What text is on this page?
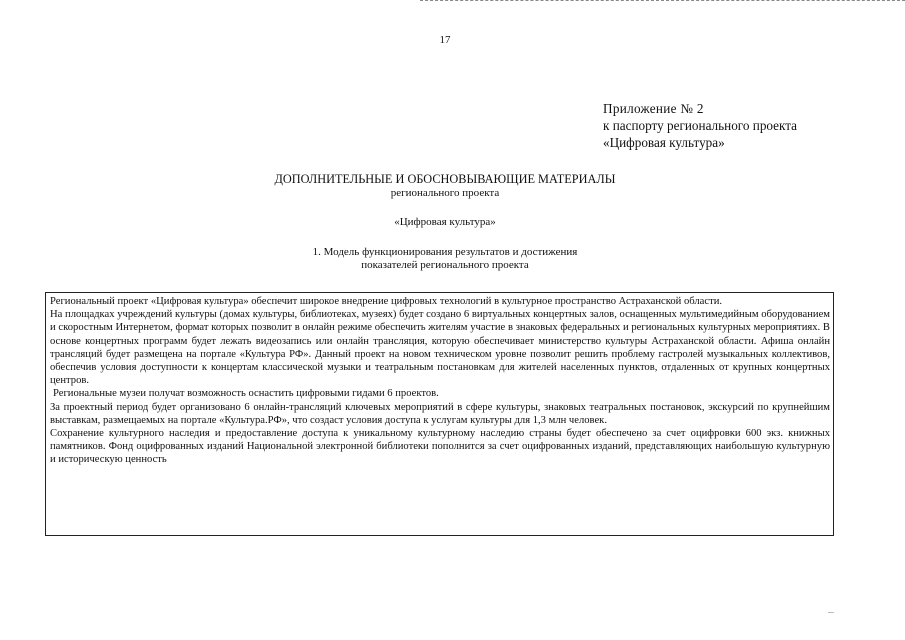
17
Приложение № 2
к паспорту регионального проекта
«Цифровая культура»
ДОПОЛНИТЕЛЬНЫЕ И ОБОСНОВЫВАЮЩИЕ МАТЕРИАЛЫ
регионального проекта
«Цифровая культура»
1. Модель функционирования результатов и достижения
показателей регионального проекта

Региональный проект «Цифровая культура» обеспечит широкое внедрение цифровых технологий в культурное пространство Астраханской области.

На площадках учреждений культуры (домах культуры, библиотеках, музеях) будет создано 6 виртуальных концертных залов, оснащенных мультимедийным оборудованием и скоростным Интернетом, формат которых позволит в онлайн режиме обеспечить жителям участие в знаковых федеральных и региональных культурных мероприятиях. В основе концертных программ будет лежать видеозапись или онлайн трансляция, которую обеспечивает министерство культуры Астраханской области. Афиша онлайн трансляций будет размещена на портале «Культура РФ». Данный проект на новом техническом уровне позволит решить проблему гастролей музыкальных коллективов, обеспечив условия доступности к концертам классической музыки и театральным постановкам для жителей населенных пунктов, отдаленных от крупных концертных центров.

Региональные музеи получат возможность оснастить цифровыми гидами 6 проектов.

За проектный период будет организовано 6 онлайн-трансляций ключевых мероприятий в сфере культуры, знаковых театральных постановок, экскурсий по крупнейшим выставкам, размещаемых на портале «Культура.РФ», что создаст условия доступа к услугам культуры для 1,3 млн человек.

Сохранение культурного наследия и предоставление доступа к уникальному культурному наследию страны будет обеспечено за счет оцифровки 600 экз. книжных памятников. Фонд оцифрованных изданий Национальной электронной библиотеки пополнится за счет оцифрованных изданий, представляющих наибольшую культурную и историческую ценность
